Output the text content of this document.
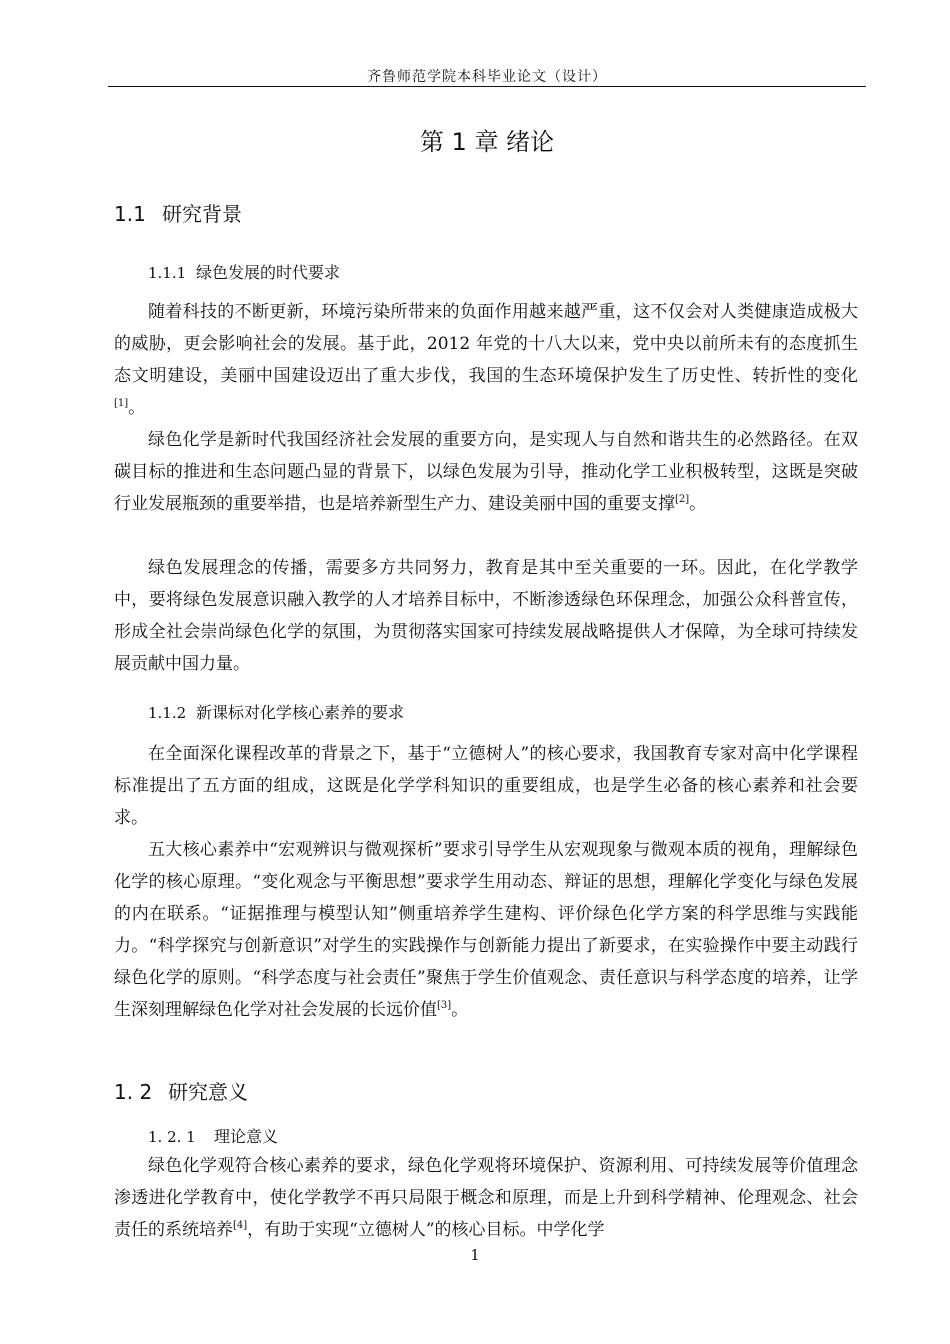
齐鲁师范学院本科毕业论文（设计）
第 1 章 绪论
1.1 研究背景
1.1.1 绿色发展的时代要求

随着科技的不断更新，环境污染所带来的负面作用越来越严重，这不仅会对人类健康造成极大的威胁，更会影响社会的发展。基于此，2012 年党的十八大以来，党中央以前所未有的态度抓生态文明建设，美丽中国建设迈出了重大步伐，我国的生态环境保护发生了历史性、转折性的变化[1]。

绿色化学是新时代我国经济社会发展的重要方向，是实现人与自然和谐共生的必然路径。在双碳目标的推进和生态问题凸显的背景下，以绿色发展为引导，推动化学工业积极转型，这既是突破行业发展瓶颈的重要举措，也是培养新型生产力、建设美丽中国的重要支撑[2]。

绿色发展理念的传播，需要多方共同努力，教育是其中至关重要的一环。因此，在化学教学中，要将绿色发展意识融入教学的人才培养目标中，不断渗透绿色环保理念，加强公众科普宣传，形成全社会崇尚绿色化学的氛围，为贯彻落实国家可持续发展战略提供人才保障，为全球可持续发展贡献中国力量。

1.1.2 新课标对化学核心素养的要求

在全面深化课程改革的背景之下，基于“立德树人”的核心要求，我国教育专家对高中化学课程标准提出了五方面的组成，这既是化学学科知识的重要组成，也是学生必备的核心素养和社会要求。

五大核心素养中“宏观辨识与微观探析”要求引导学生从宏观现象与微观本质的视角，理解绿色化学的核心原理。“变化观念与平衡思想”要求学生用动态、辩证的思想，理解化学变化与绿色发展的内在联系。“证据推理与模型认知”侧重培养学生建构、评价绿色化学方案的科学思维与实践能力。“科学探究与创新意识”对学生的实践操作与创新能力提出了新要求，在实验操作中要主动践行绿色化学的原则。“科学态度与社会责任”聚焦于学生价值观念、责任意识与科学态度的培养，让学生深刻理解绿色化学对社会发展的长远价值[3]。

1. 2 研究意义
1. 2. 1 理论意义

绿色化学观符合核心素养的要求，绿色化学观将环境保护、资源利用、可持续发展等价值理念渗透进化学教育中，使化学教学不再只局限于概念和原理，而是上升到科学精神、伦理观念、社会责任的系统培养[4]，有助于实现“立德树人”的核心目标。中学化学

1
